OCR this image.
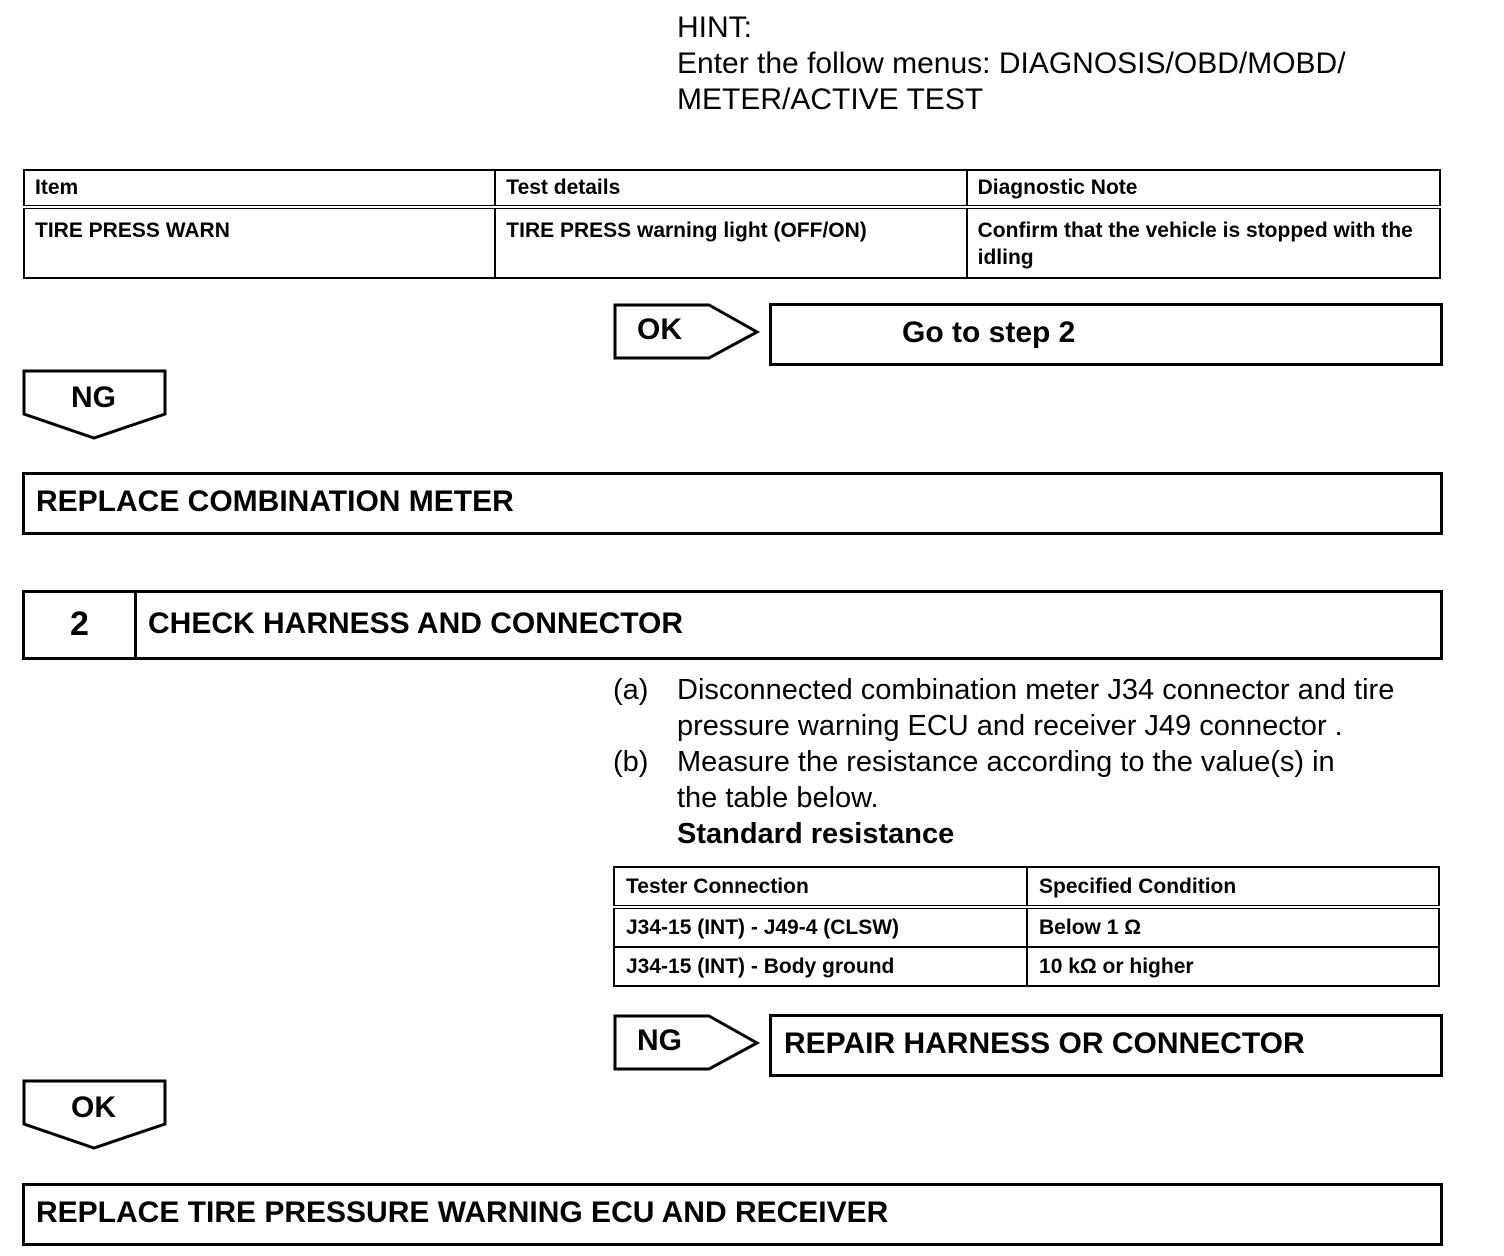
HINT:
Enter the follow menus: DIAGNOSIS/OBD/MOBD/
METER/ACTIVE TEST
Item	Test details	Diagnostic Note
TIRE PRESS WARN	TIRE PRESS warning light (OFF/ON)	Confirm that the vehicle is stopped with the idling
OK	Go to step 2
NG
REPLACE COMBINATION METER
2	CHECK HARNESS AND CONNECTOR
(a) Disconnected combination meter J34 connector and tire pressure warning ECU and receiver J49 connector .
(b) Measure the resistance according to the value(s) in the table below.
Standard resistance
Tester Connection	Specified Condition
J34-15 (INT) - J49-4 (CLSW)	Below 1 Ω
J34-15 (INT) - Body ground	10 kΩ or higher
NG	REPAIR HARNESS OR CONNECTOR
OK
REPLACE TIRE PRESSURE WARNING ECU AND RECEIVER
